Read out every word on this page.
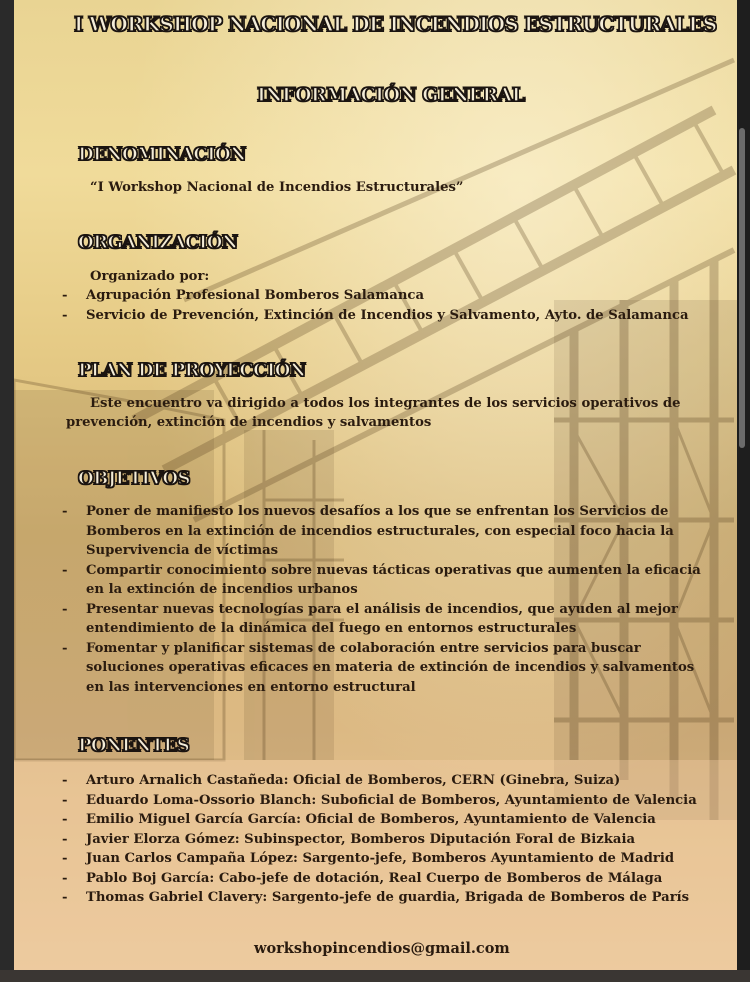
I WORKSHOP NACIONAL DE INCENDIOS ESTRUCTURALES
INFORMACIÓN GENERAL
DENOMINACIÓN

“I Workshop Nacional de Incendios Estructurales”

ORGANIZACIÓN

Organizado por:

- Agrupación Profesional Bomberos Salamanca
- Servicio de Prevención, Extinción de Incendios y Salvamento, Ayto. de Salamanca
PLAN DE PROYECCIÓN

Este encuentro va dirigido a todos los integrantes de los servicios operativos de

prevención, extinción de incendios y salvamentos

OBJETIVOS
- Poner de manifiesto los nuevos desafíos a los que se enfrentan los Servicios de Bomberos en la extinción de incendios estructurales, con especial foco hacia la Supervivencia de víctimas
- Compartir conocimiento sobre nuevas tácticas operativas que aumenten la eficacia en la extinción de incendios urbanos
- Presentar nuevas tecnologías para el análisis de incendios, que ayuden al mejor entendimiento de la dinámica del fuego en entornos estructurales
- Fomentar y planificar sistemas de colaboración entre servicios para buscar soluciones operativas eficaces en materia de extinción de incendios y salvamentos en las intervenciones en entorno estructural
PONENTES
- Arturo Arnalich Castañeda: Oficial de Bomberos, CERN (Ginebra, Suiza)
- Eduardo Loma-Ossorio Blanch: Suboficial de Bomberos, Ayuntamiento de Valencia
- Emilio Miguel García García: Oficial de Bomberos, Ayuntamiento de Valencia
- Javier Elorza Gómez: Subinspector, Bomberos Diputación Foral de Bizkaia
- Juan Carlos Campaña López: Sargento-jefe, Bomberos Ayuntamiento de Madrid
- Pablo Boj García: Cabo-jefe de dotación, Real Cuerpo de Bomberos de Málaga
- Thomas Gabriel Clavery: Sargento-jefe de guardia, Brigada de Bomberos de París

workshopincendios@gmail.com
